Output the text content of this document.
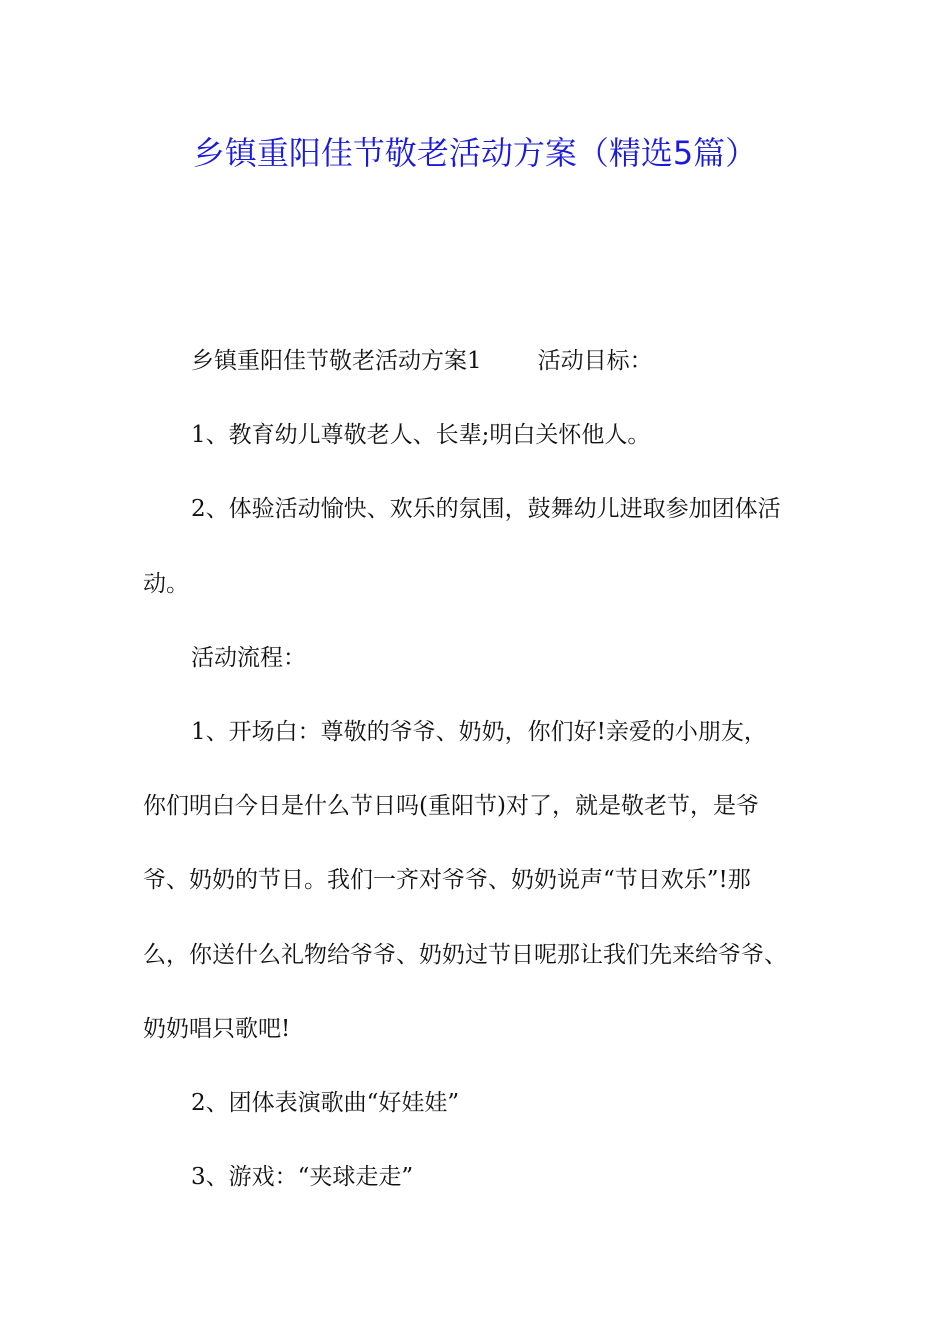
乡镇重阳佳节敬老活动方案（精选5篇）
乡镇重阳佳节敬老活动方案1 活动目标：
1、教育幼儿尊敬老人、长辈;明白关怀他人。
2、体验活动愉快、欢乐的氛围，鼓舞幼儿进取参加团体活
动。
活动流程：
1、开场白：尊敬的爷爷、奶奶，你们好!亲爱的小朋友，
你们明白今日是什么节日吗(重阳节)对了，就是敬老节，是爷
爷、奶奶的节日。我们一齐对爷爷、奶奶说声“节日欢乐”!那
么，你送什么礼物给爷爷、奶奶过节日呢那让我们先来给爷爷、
奶奶唱只歌吧!
2、团体表演歌曲“好娃娃”
3、游戏：“夹球走走”
